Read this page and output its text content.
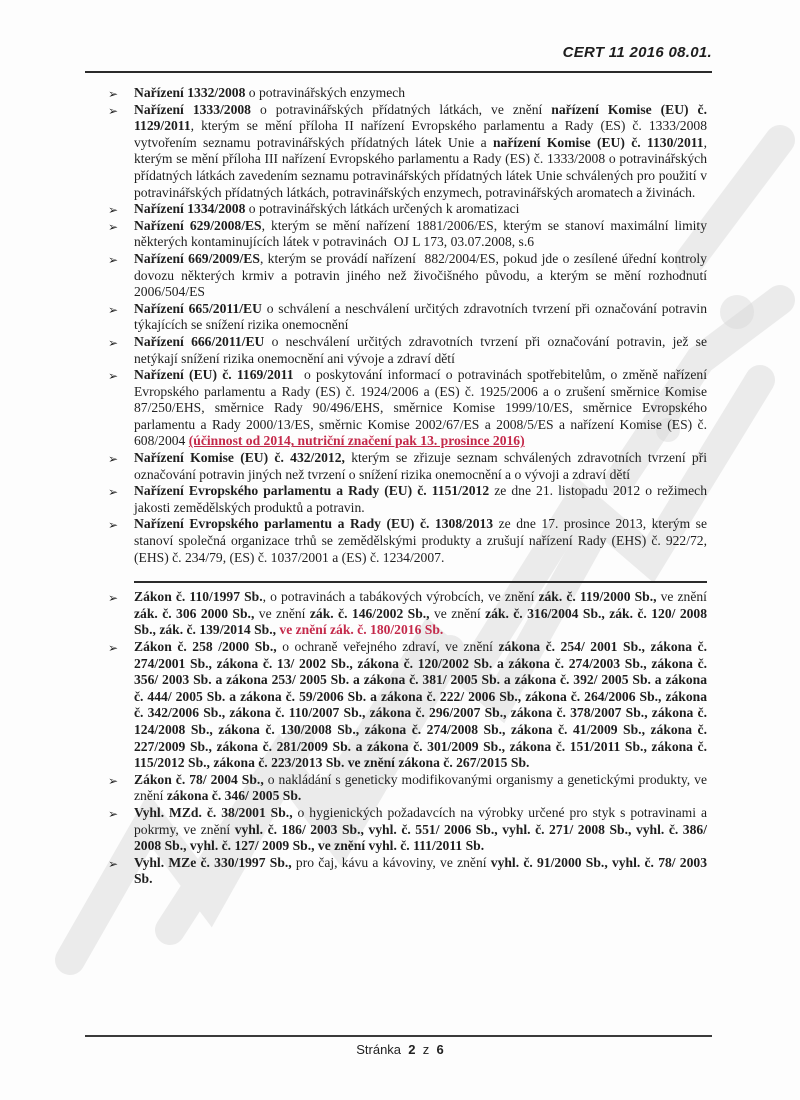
CERT 11 2016 08.01.
➢ Nařízení 1332/2008 o potravinářských enzymech
➢ Nařízení 1333/2008 o potravinářských přídatných látkách, ve znění nařízení Komise (EU) č. 1129/2011, kterým se mění příloha II nařízení Evropského parlamentu a Rady (ES) č. 1333/2008 vytvořením seznamu potravinářských přídatných látek Unie a nařízení Komise (EU) č. 1130/2011, kterým se mění příloha III nařízení Evropského parlamentu a Rady (ES) č. 1333/2008 o potravinářských přídatných látkách zavedením seznamu potravinářských přídatných látek Unie schválených pro použití v potravinářských přídatných látkách, potravinářských enzymech, potravinářských aromatech a živinách.
➢ Nařízení 1334/2008 o potravinářských látkách určených k aromatizaci
➢ Nařízení 629/2008/ES, kterým se mění nařízení 1881/2006/ES, kterým se stanoví maximální limity některých kontaminujících látek v potravinách  OJ L 173, 03.07.2008, s.6
➢ Nařízení 669/2009/ES, kterým se provádí nařízení  882/2004/ES, pokud jde o zesílené úřední kontroly dovozu některých krmiv a potravin jiného než živočišného původu, a kterým se mění rozhodnutí 2006/504/ES
➢ Nařízení 665/2011/EU o schválení a neschválení určitých zdravotních tvrzení při označování potravin týkajících se snížení rizika onemocnění
➢ Nařízení 666/2011/EU o neschválení určitých zdravotních tvrzení při označování potravin, jež se netýkají snížení rizika onemocnění ani vývoje a zdraví dětí
➢ Nařízení (EU) č. 1169/2011  o poskytování informací o potravinách spotřebitelům, o změně nařízení Evropského parlamentu a Rady (ES) č. 1924/2006 a (ES) č. 1925/2006 a o zrušení směrnice Komise 87/250/EHS, směrnice Rady 90/496/EHS, směrnice Komise 1999/10/ES, směrnice Evropského parlamentu a Rady 2000/13/ES, směrnic Komise 2002/67/ES a 2008/5/ES a nařízení Komise (ES) č. 608/2004 (účinnost od 2014, nutriční značení pak 13. prosince 2016)
➢ Nařízení Komise (EU) č. 432/2012, kterým se zřizuje seznam schválených zdravotních tvrzení při označování potravin jiných než tvrzení o snížení rizika onemocnění a o vývoji a zdraví dětí
➢ Nařízení Evropského parlamentu a Rady (EU) č. 1151/2012 ze dne 21. listopadu 2012 o režimech jakosti zemědělských produktů a potravin.
➢ Nařízení Evropského parlamentu a Rady (EU) č. 1308/2013 ze dne 17. prosince 2013, kterým se stanoví společná organizace trhů se zemědělskými produkty a zrušují nařízení Rady (EHS) č. 922/72, (EHS) č. 234/79, (ES) č. 1037/2001 a (ES) č. 1234/2007.
➢ Zákon č. 110/1997 Sb., o potravinách a tabákových výrobcích, ve znění zák. č. 119/2000 Sb., ve znění zák. č. 306 2000 Sb., ve znění zák. č. 146/2002 Sb., ve znění zák. č. 316/2004 Sb., zák. č. 120/ 2008 Sb., zák. č. 139/2014 Sb., ve znění zák. č. 180/2016 Sb.
➢ Zákon č. 258 /2000 Sb., o ochraně veřejného zdraví, ve znění zákona č. 254/ 2001 Sb., zákona č. 274/2001 Sb., zákona č. 13/ 2002 Sb., zákona č. 120/2002 Sb. a zákona č. 274/2003 Sb., zákona č. 356/ 2003 Sb. a zákona 253/ 2005 Sb. a zákona č. 381/ 2005 Sb. a zákona č. 392/ 2005 Sb. a zákona č. 444/ 2005 Sb. a zákona č. 59/2006 Sb. a zákona č. 222/ 2006 Sb., zákona č. 264/2006 Sb., zákona č. 342/2006 Sb., zákona č. 110/2007 Sb., zákona č. 296/2007 Sb., zákona č. 378/2007 Sb., zákona č. 124/2008 Sb., zákona č. 130/2008 Sb., zákona č. 274/2008 Sb., zákona č. 41/2009 Sb., zákona č. 227/2009 Sb., zákona č. 281/2009 Sb. a zákona č. 301/2009 Sb., zákona č. 151/2011 Sb., zákona č. 115/2012 Sb., zákona č. 223/2013 Sb. ve znění zákona č. 267/2015 Sb.
➢ Zákon č. 78/ 2004 Sb., o nakládání s geneticky modifikovanými organismy a genetickými produkty, ve znění zákona č. 346/ 2005 Sb.
➢ Vyhl. MZd. č. 38/2001 Sb., o hygienických požadavcích na výrobky určené pro styk s potravinami a pokrmy, ve znění vyhl. č. 186/ 2003 Sb., vyhl. č. 551/ 2006 Sb., vyhl. č. 271/ 2008 Sb., vyhl. č. 386/ 2008 Sb., vyhl. č. 127/ 2009 Sb., ve znění vyhl. č. 111/2011 Sb.
➢ Vyhl. MZe č. 330/1997 Sb., pro čaj, kávu a kávoviny, ve znění vyhl. č. 91/2000 Sb., vyhl. č. 78/ 2003 Sb.
Stránka 2 z 6
